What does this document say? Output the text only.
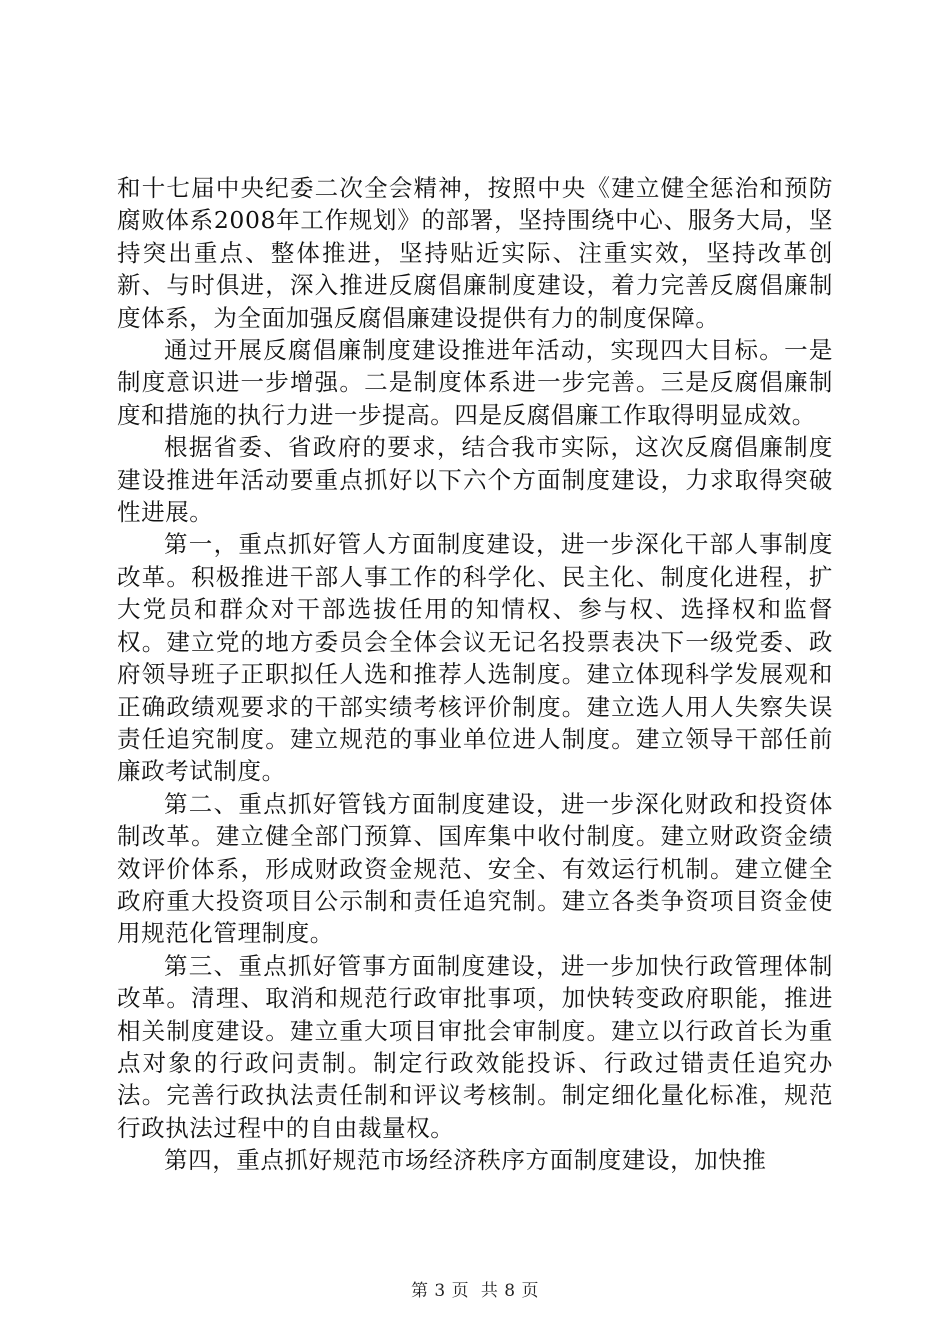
和十七届中央纪委二次全会精神，按照中央《建立健全惩治和预防腐败体系2008年工作规划》的部署，坚持围绕中心、服务大局，坚持突出重点、整体推进，坚持贴近实际、注重实效，坚持改革创新、与时俱进，深入推进反腐倡廉制度建设，着力完善反腐倡廉制度体系，为全面加强反腐倡廉建设提供有力的制度保障。

通过开展反腐倡廉制度建设推进年活动，实现四大目标。一是制度意识进一步增强。二是制度体系进一步完善。三是反腐倡廉制度和措施的执行力进一步提高。四是反腐倡廉工作取得明显成效。

根据省委、省政府的要求，结合我市实际，这次反腐倡廉制度建设推进年活动要重点抓好以下六个方面制度建设，力求取得突破性进展。

第一，重点抓好管人方面制度建设，进一步深化干部人事制度改革。积极推进干部人事工作的科学化、民主化、制度化进程，扩大党员和群众对干部选拔任用的知情权、参与权、选择权和监督权。建立党的地方委员会全体会议无记名投票表决下一级党委、政府领导班子正职拟任人选和推荐人选制度。建立体现科学发展观和正确政绩观要求的干部实绩考核评价制度。建立选人用人失察失误责任追究制度。建立规范的事业单位进人制度。建立领导干部任前廉政考试制度。

第二、重点抓好管钱方面制度建设，进一步深化财政和投资体制改革。建立健全部门预算、国库集中收付制度。建立财政资金绩效评价体系，形成财政资金规范、安全、有效运行机制。建立健全政府重大投资项目公示制和责任追究制。建立各类争资项目资金使用规范化管理制度。

第三、重点抓好管事方面制度建设，进一步加快行政管理体制改革。清理、取消和规范行政审批事项，加快转变政府职能，推进相关制度建设。建立重大项目审批会审制度。建立以行政首长为重点对象的行政问责制。制定行政效能投诉、行政过错责任追究办法。完善行政执法责任制和评议考核制。制定细化量化标准，规范行政执法过程中的自由裁量权。

第四，重点抓好规范市场经济秩序方面制度建设，加快推

第 3 页  共 8 页
